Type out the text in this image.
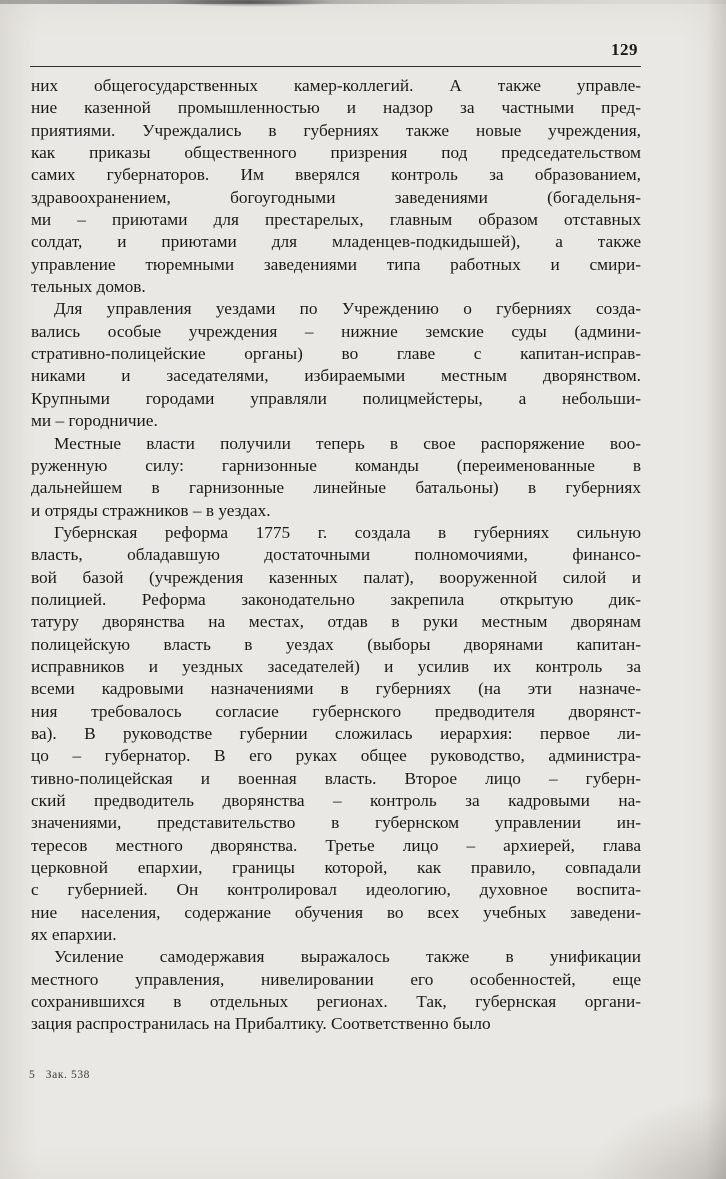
129

них общегосударственных камер-коллегий. А также управле-
ние казенной промышленностью и надзор за частными пред-
приятиями. Учреждались в губерниях также новые учреждения,
как приказы общественного призрения под председательством
самих губернаторов. Им вверялся контроль за образованием,
здравоохранением, богоугодными заведениями (богадельня-
ми – приютами для престарелых, главным образом отставных
солдат, и приютами для младенцев-подкидышей), а также
управление тюремными заведениями типа работных и смири-
тельных домов.

Для управления уездами по Учреждению о губерниях созда-
вались особые учреждения – нижние земские суды (админи-
стративно-полицейские органы) во главе с капитан-исправ-
никами и заседателями, избираемыми местным дворянством.
Крупными городами управляли полицмейстеры, а небольши-
ми – городничие.

Местные власти получили теперь в свое распоряжение воо-
руженную силу: гарнизонные команды (переименованные в
дальнейшем в гарнизонные линейные батальоны) в губерниях
и отряды стражников – в уездах.

Губернская реформа 1775 г. создала в губерниях сильную
власть, обладавшую достаточными полномочиями, финансо-
вой базой (учреждения казенных палат), вооруженной силой и
полицией. Реформа законодательно закрепила открытую дик-
татуру дворянства на местах, отдав в руки местным дворянам
полицейскую власть в уездах (выборы дворянами капитан-
исправников и уездных заседателей) и усилив их контроль за
всеми кадровыми назначениями в губерниях (на эти назначе-
ния требовалось согласие губернского предводителя дворянст-
ва). В руководстве губернии сложилась иерархия: первое ли-
цо – губернатор. В его руках общее руководство, администра-
тивно-полицейская и военная власть. Второе лицо – губерн-
ский предводитель дворянства – контроль за кадровыми на-
значениями, представительство в губернском управлении ин-
тересов местного дворянства. Третье лицо – архиерей, глава
церковной епархии, границы которой, как правило, совпадали
с губернией. Он контролировал идеологию, духовное воспита-
ние населения, содержание обучения во всех учебных заведени-
ях епархии.

Усиление самодержавия выражалось также в унификации
местного управления, нивелировании его особенностей, еще
сохранившихся в отдельных регионах. Так, губернская органи-
зация распространилась на Прибалтику. Соответственно было

5   Зак. 538
